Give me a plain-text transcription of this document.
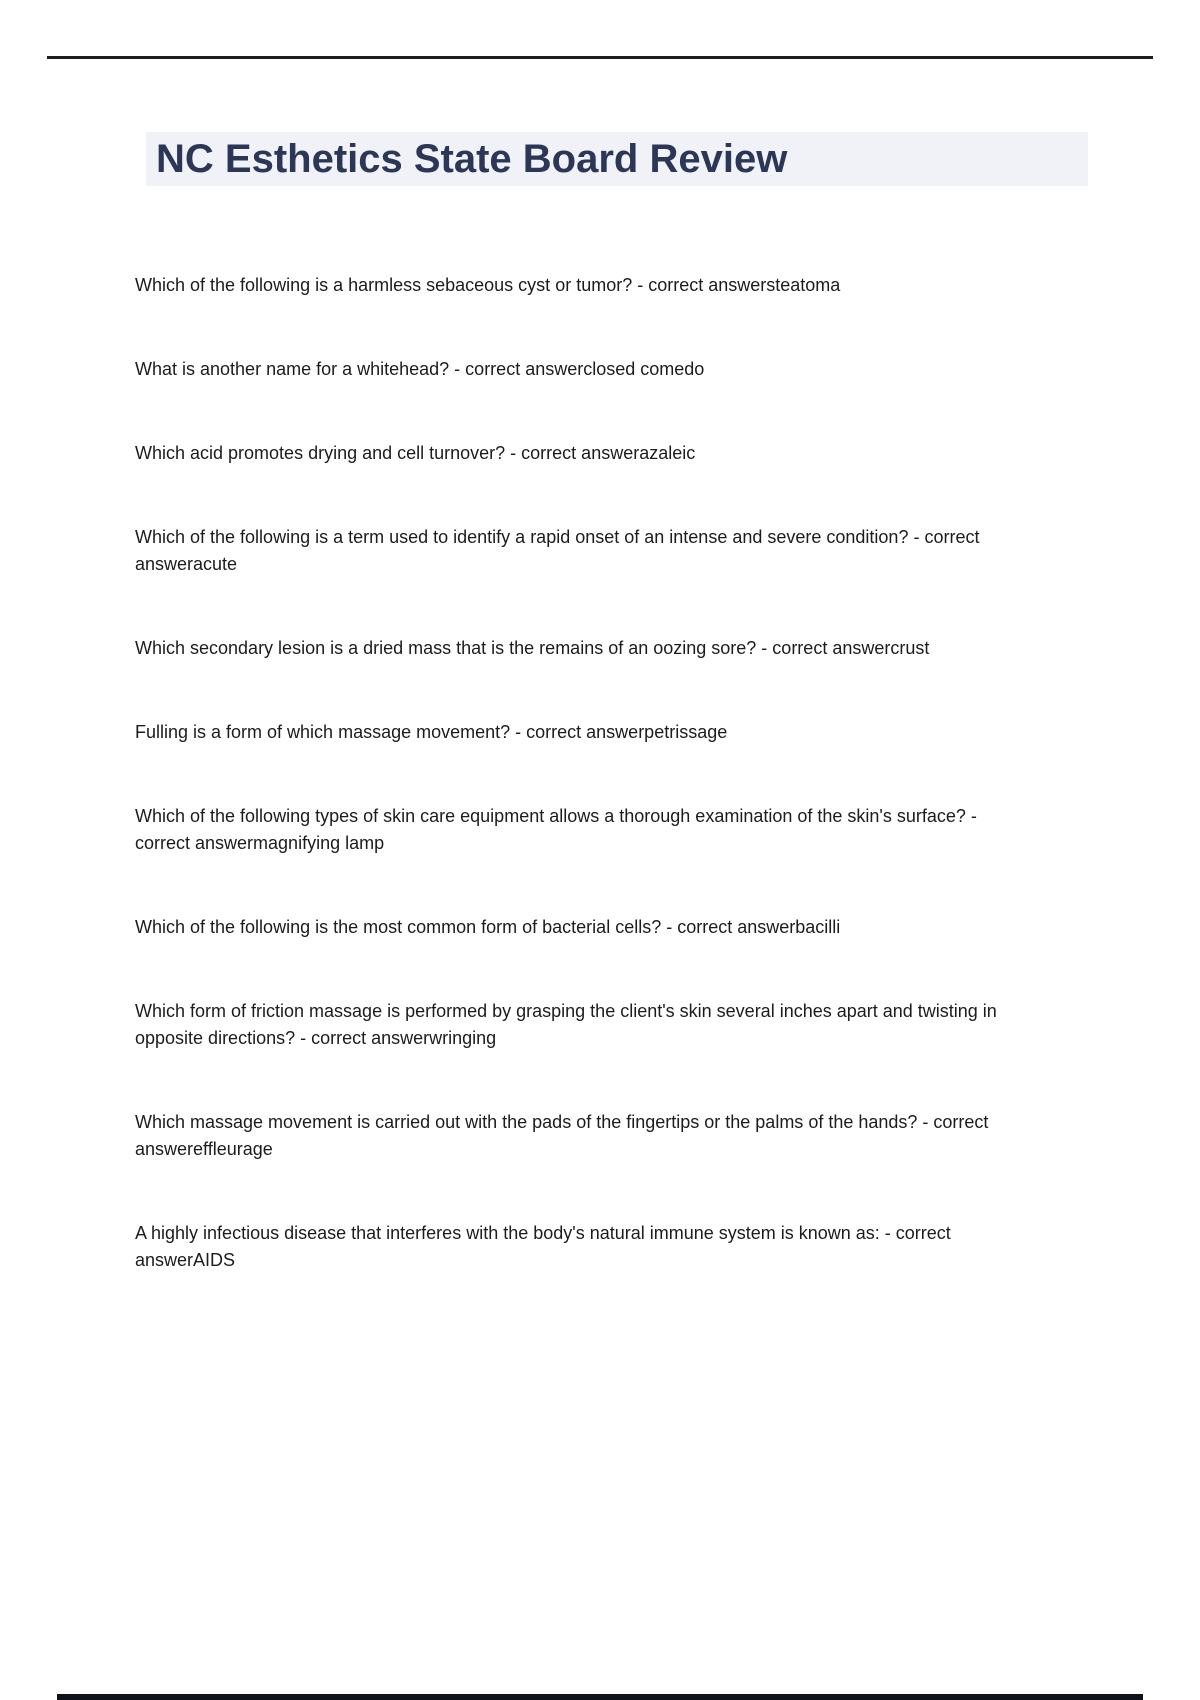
NC Esthetics State Board Review

Which of the following is a harmless sebaceous cyst or tumor? - correct answersteatoma

What is another name for a whitehead? - correct answerclosed comedo

Which acid promotes drying and cell turnover? - correct answerazaleic

Which of the following is a term used to identify a rapid onset of an intense and severe condition? - correct answeracute

Which secondary lesion is a dried mass that is the remains of an oozing sore? - correct answercrust

Fulling is a form of which massage movement? - correct answerpetrissage

Which of the following types of skin care equipment allows a thorough examination of the skin's surface? - correct answermagnifying lamp

Which of the following is the most common form of bacterial cells? - correct answerbacilli

Which form of friction massage is performed by grasping the client's skin several inches apart and twisting in opposite directions? - correct answerwringing

Which massage movement is carried out with the pads of the fingertips or the palms of the hands? - correct answereffleurage

A highly infectious disease that interferes with the body's natural immune system is known as: - correct answerAIDS
